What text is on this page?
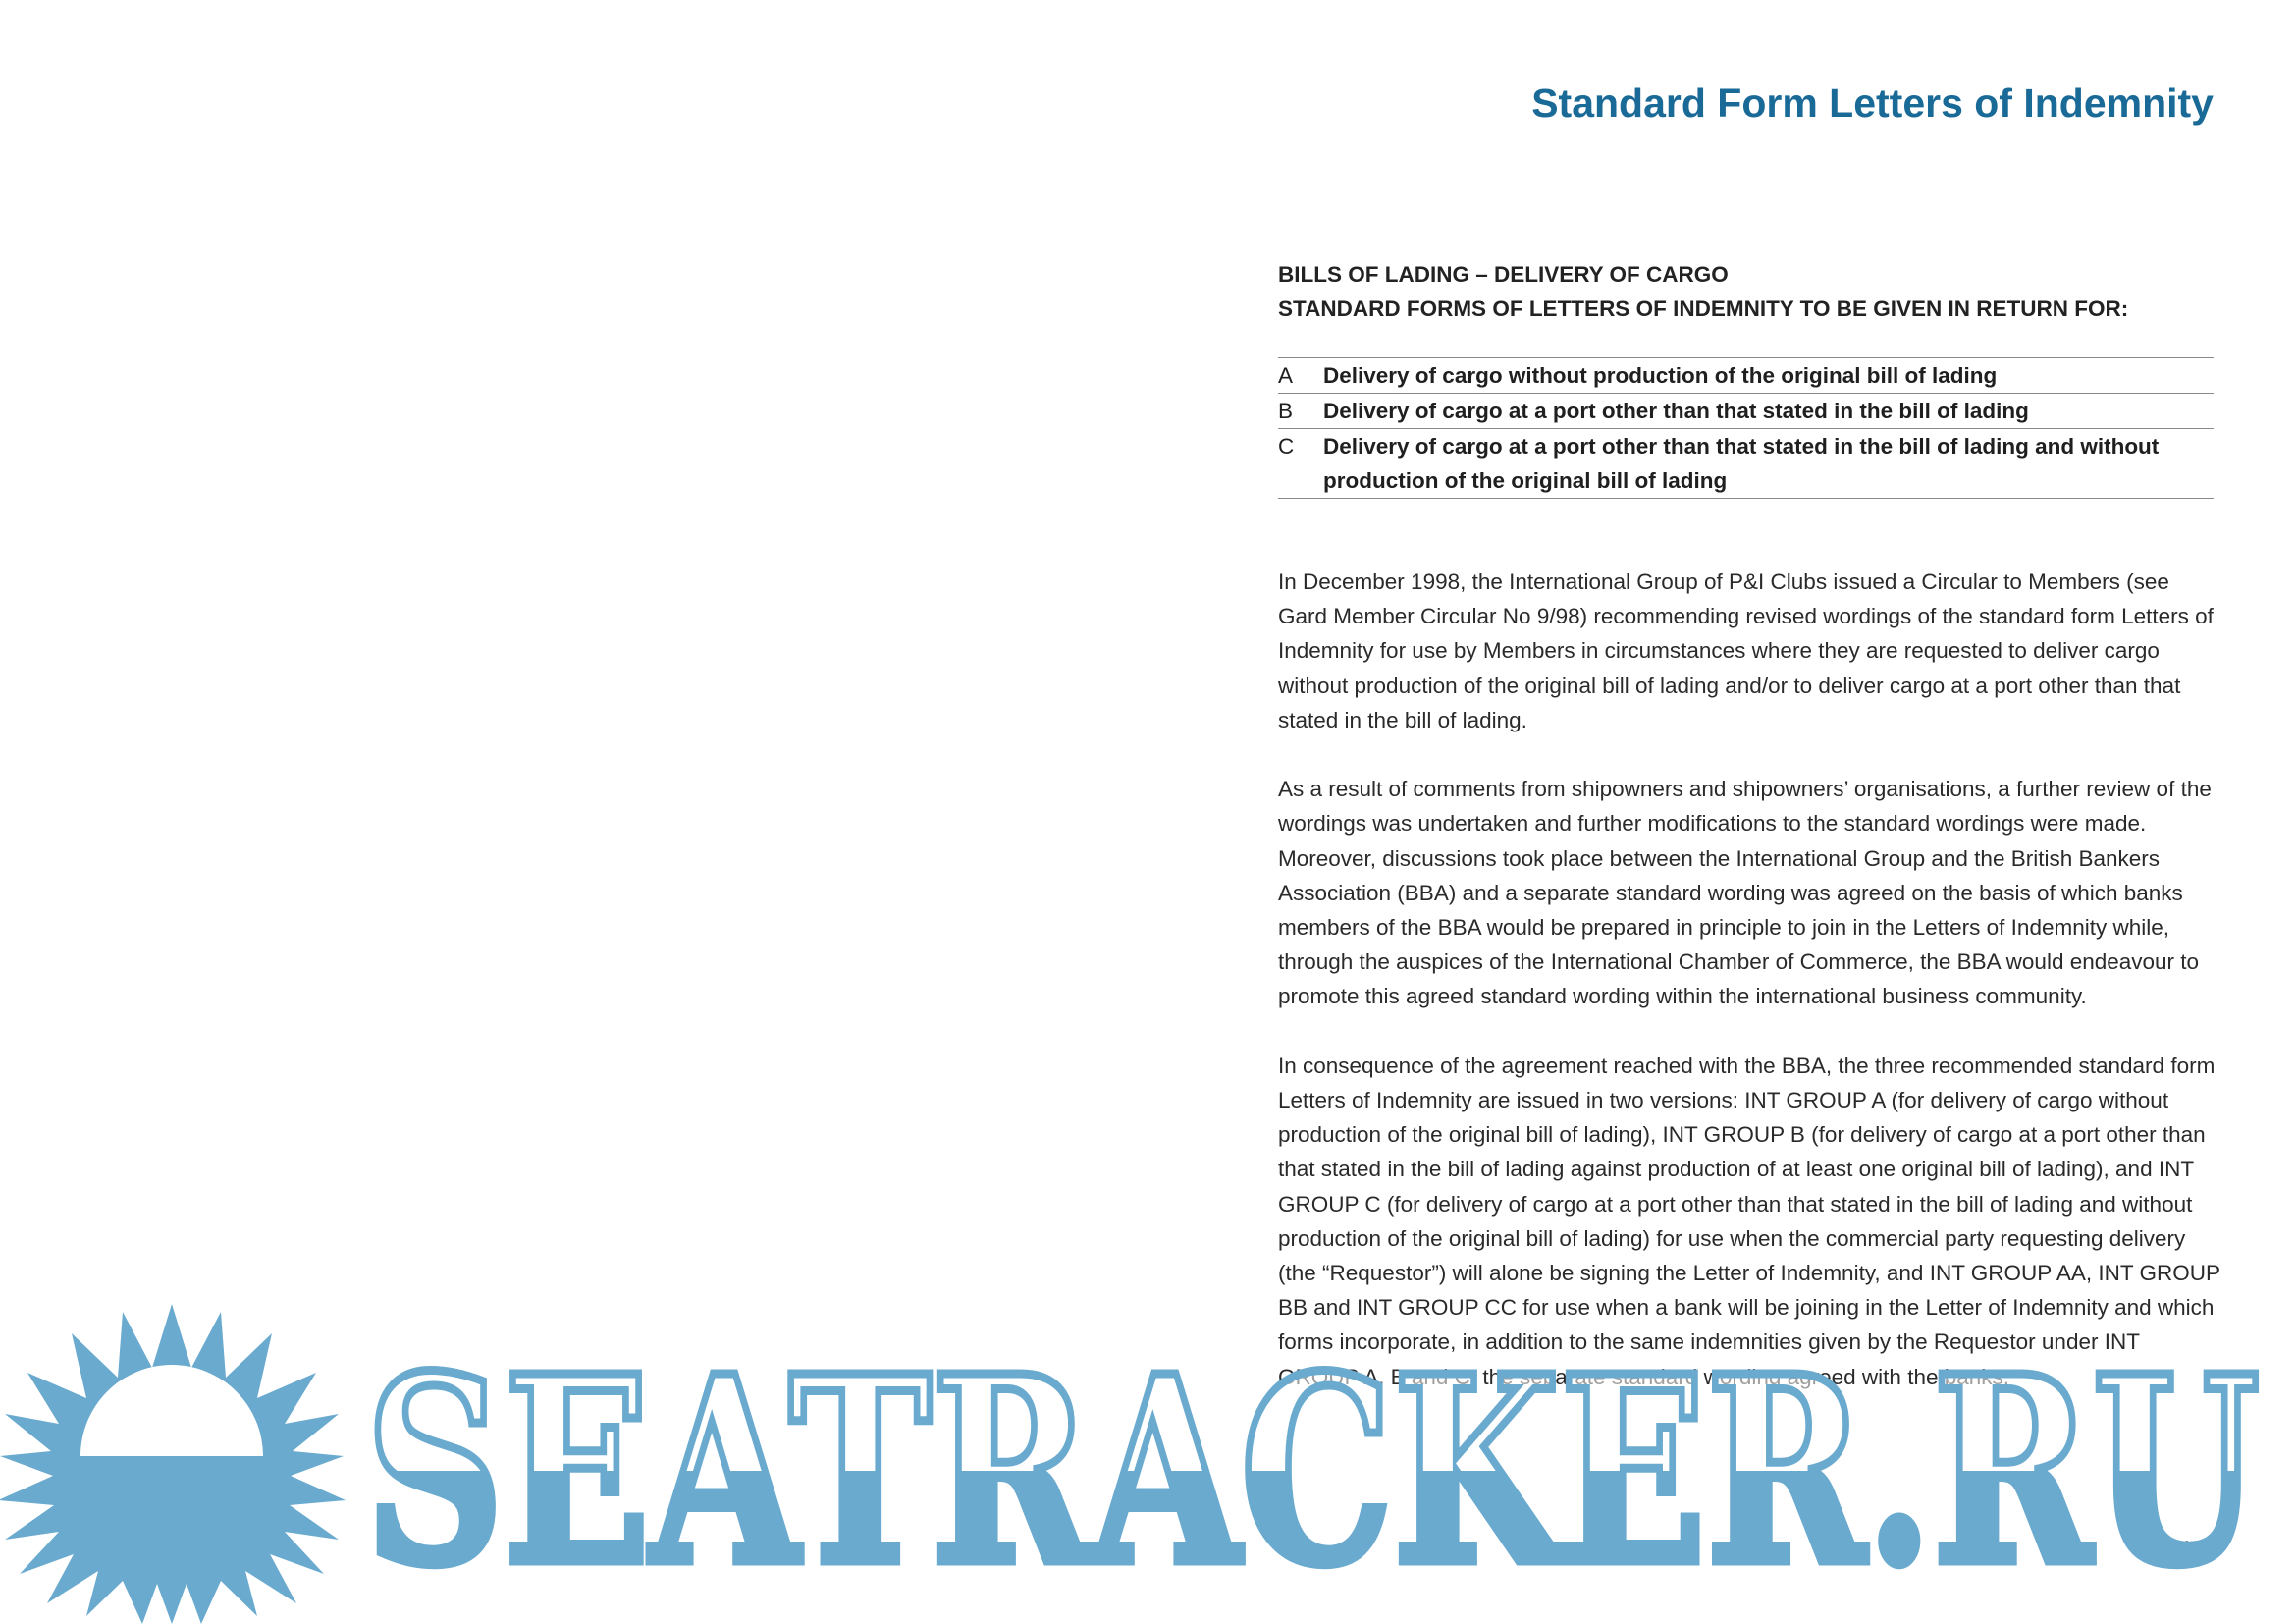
Standard Form Letters of Indemnity
BILLS OF LADING – DELIVERY OF CARGO
STANDARD FORMS OF LETTERS OF INDEMNITY TO BE GIVEN IN RETURN FOR:
A	Delivery of cargo without production of the original bill of lading
B	Delivery of cargo at a port other than that stated in the bill of lading
C	Delivery of cargo at a port other than that stated in the bill of lading and without production of the original bill of lading

In December 1998, the International Group of P&I Clubs issued a Circular to Members (see Gard Member Circular No 9/98) recommending revised wordings of the standard form Letters of Indemnity for use by Members in circumstances where they are requested to deliver cargo without production of the original bill of lading and/or to deliver cargo at a port other than that stated in the bill of lading.

As a result of comments from shipowners and shipowners’ organisations, a further review of the wordings was undertaken and further modifications to the standard wordings were made. Moreover, discussions took place between the International Group and the British Bankers Association (BBA) and a separate standard wording was agreed on the basis of which banks members of the BBA would be prepared in principle to join in the Letters of Indemnity while, through the auspices of the International Chamber of Commerce, the BBA would endeavour to promote this agreed standard wording within the international business community.

In consequence of the agreement reached with the BBA, the three recommended standard form Letters of Indemnity are issued in two versions: INT GROUP A (for delivery of cargo without production of the original bill of lading), INT GROUP B (for delivery of cargo at a port other than that stated in the bill of lading against production of at least one original bill of lading), and INT GROUP C (for delivery of cargo at a port other than that stated in the bill of lading and without production of the original bill of lading) for use when the commercial party requesting delivery (the “Requestor”) will alone be signing the Letter of Indemnity, and INT GROUP AA, INT GROUP BB and INT GROUP CC for use when a bank will be joining in the Letter of Indemnity and which forms incorporate, in addition to the same indemnities given by the Requestor under INT GROUP A, B and C, the separate standard wording agreed with the banks.

199
SEATRACKER.RU
